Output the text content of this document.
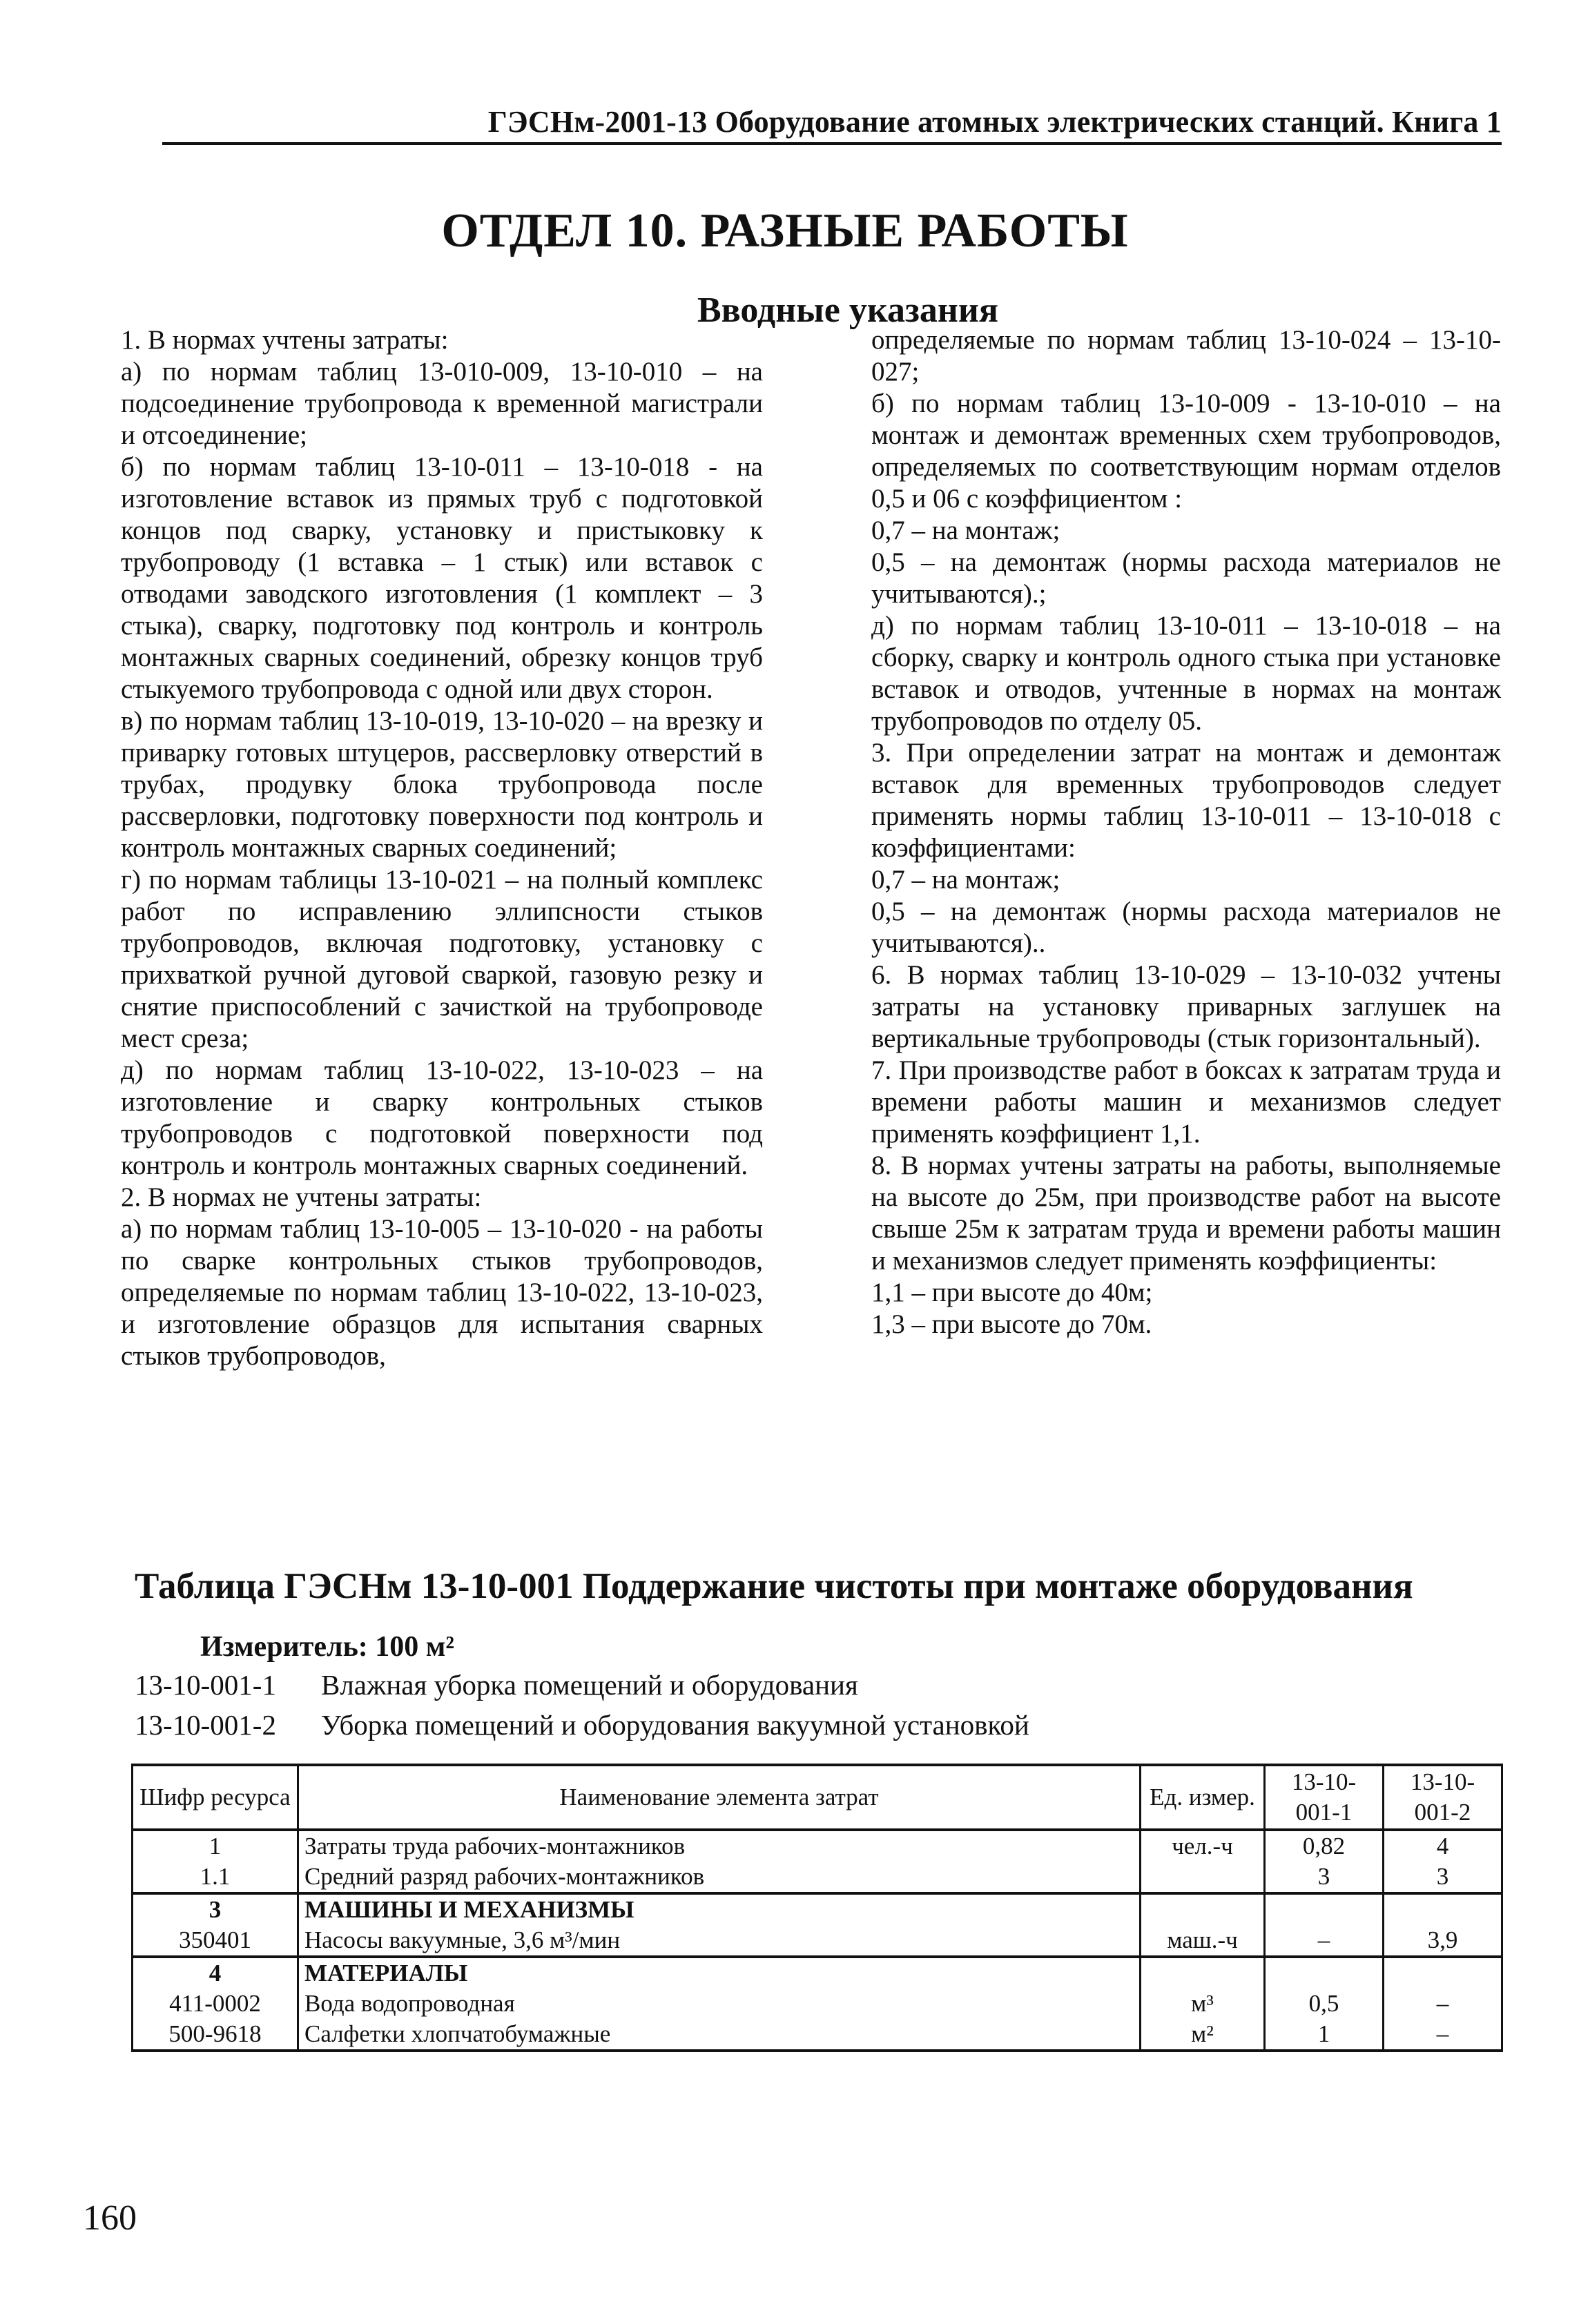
ГЭСНм-2001-13 Оборудование атомных электрических станций. Книга 1
ОТДЕЛ 10. РАЗНЫЕ РАБОТЫ
Вводные указания

1. В нормах учтены затраты:

а) по нормам таблиц 13-010-009, 13-10-010 – на подсоединение трубопровода к временной магистрали и отсоединение;

б) по нормам таблиц 13-10-011 – 13-10-018 - на изготовление вставок из прямых труб с подготовкой концов под сварку, установку и пристыковку к трубопроводу (1 вставка – 1 стык) или вставок с отводами заводского изготовления (1 комплект – 3 стыка), сварку, подготовку под контроль и контроль монтажных сварных соединений, обрезку концов труб стыкуемого трубопровода с одной или двух сторон.

в) по нормам таблиц 13-10-019, 13-10-020 – на врезку и приварку готовых штуцеров, рассверловку отверстий в трубах, продувку блока трубопровода после рассверловки, подготовку поверхности под контроль и контроль монтажных сварных соединений;

г) по нормам таблицы 13-10-021 – на полный комплекс работ по исправлению эллипсности стыков трубопроводов, включая подготовку, установку с прихваткой ручной дуговой сваркой, газовую резку и снятие приспособлений с зачисткой на трубопроводе мест среза;

д) по нормам таблиц 13-10-022, 13-10-023 – на изготовление и сварку контрольных стыков трубопроводов с подготовкой поверхности под контроль и контроль монтажных сварных соединений.

2. В нормах не учтены затраты:

а) по нормам таблиц 13-10-005 – 13-10-020 - на работы по сварке контрольных стыков трубопроводов, определяемые по нормам таблиц 13-10-022, 13-10-023, и изготовление образцов для испытания сварных стыков трубопроводов,

определяемые по нормам таблиц 13-10-024 – 13-10-027;

б) по нормам таблиц 13-10-009 - 13-10-010 – на монтаж и демонтаж временных схем трубопроводов, определяемых по соответствующим нормам отделов 0,5 и 06 с коэффициентом :

0,7 – на монтаж;

0,5 – на демонтаж (нормы расхода материалов не учитываются).;

д) по нормам таблиц 13-10-011 – 13-10-018 – на сборку, сварку и контроль одного стыка при установке вставок и отводов, учтенные в нормах на монтаж трубопроводов по отделу 05.

3. При определении затрат на монтаж и демонтаж вставок для временных трубопроводов следует применять нормы таблиц 13-10-011 – 13-10-018 с коэффициентами:

0,7 – на монтаж;

0,5 – на демонтаж (нормы расхода материалов не учитываются)..

6. В нормах таблиц 13-10-029 – 13-10-032 учтены затраты на установку приварных заглушек на вертикальные трубопроводы (стык горизонтальный).

7. При производстве работ в боксах к затратам труда и времени работы машин и механизмов следует применять коэффициент 1,1.

8. В нормах учтены затраты на работы, выполняемые на высоте до 25м, при производстве работ на высоте свыше 25м к затратам труда и времени работы машин и механизмов следует применять коэффициенты:

1,1 – при высоте до 40м;

1,3 – при высоте до 70м.

Таблица ГЭСНм 13-10-001 Поддержание чистоты при монтаже оборудования
Измеритель: 100 м²
13-10-001-1	Влажная уборка помещений и оборудования
13-10-001-2	Уборка помещений и оборудования вакуумной установкой
Шифр ресурса	Наименование элемента затрат	Ед. измер.	13-10-001-1	13-10-001-2
1	Затраты труда рабочих-монтажников	чел.-ч	0,82	4
1.1	Средний разряд рабочих-монтажников		3	3
3	МАШИНЫ И МЕХАНИЗМЫ			
350401	Насосы вакуумные, 3,6 м³/мин	маш.-ч	–	3,9
4	МАТЕРИАЛЫ			
411-0002	Вода водопроводная	м³	0,5	–
500-9618	Салфетки хлопчатобумажные	м²	1	–
160
